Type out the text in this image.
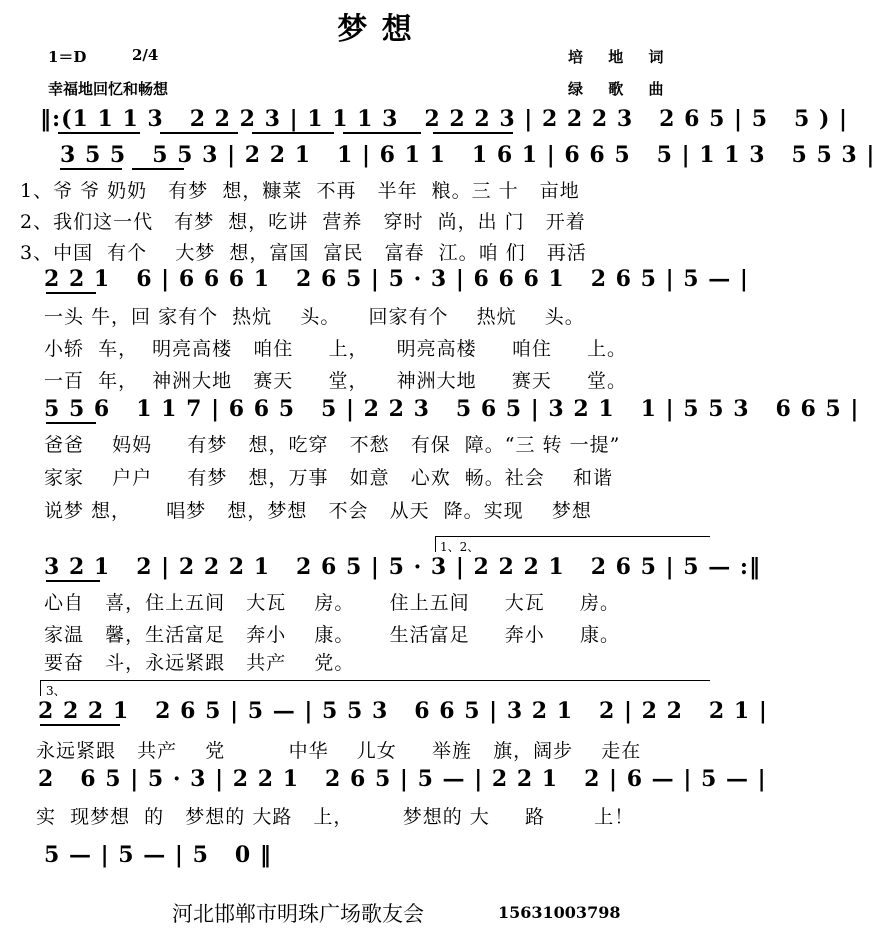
梦 想
1＝D	2/4
幸福地回忆和畅想
培 地 词
绿 歌 曲
‖:(1 1 1 3   2 2 2 3 | 1 1 1 3   2 2 2 3 | 2 2 2 3   2 6 5 | 5   5 ) |
3 5 5   5 5 3 | 2 2 1   1 | 6 1 1   1 6 1 | 6 6 5   5 | 1 1 3   5 5 3 |
1、爷 爷 奶奶   有梦  想，糠菜  不再   半年  粮。三 十   亩地
2、我们这一代   有梦  想，吃讲  营养   穿时  尚，出 门   开着
3、中国  有个    大梦  想，富国  富民   富春  江。咱 们   再活
2 2 1   6 | 6 6 6 1   2 6 5 | 5 · 3 | 6 6 6 1   2 6 5 | 5 — |
一头 牛，回 家有个  热炕    头。    回家有个    热炕    头。
小轿  车，  明亮高楼   咱住     上，    明亮高楼     咱住     上。
一百  年，  神洲大地   赛天     堂，    神洲大地     赛天     堂。
5 5 6   1 1 7 | 6 6 5   5 | 2 2 3   5 6 5 | 3 2 1   1 | 5 5 3   6 6 5 |
爸爸    妈妈     有梦   想，吃穿   不愁   有保  障。“三 转 一提”
家家    户户     有梦   想，万事   如意   心欢  畅。社会    和谐
说梦 想，     唱梦   想，梦想   不会   从天  降。实现    梦想
1、2、
3 2 1   2 | 2 2 2 1   2 6 5 | 5 · 3 | 2 2 2 1   2 6 5 | 5 — :‖
心自   喜，住上五间   大瓦    房。     住上五间     大瓦     房。
家温   馨，生活富足   奔小    康。     生活富足     奔小     康。
要奋   斗，永远紧跟   共产    党。
3、
2 2 2 1   2 6 5 | 5 — | 5 5 3   6 6 5 | 3 2 1   2 | 2 2   2 1 |
永远紧跟   共产    党         中华    儿女     举旌   旗，阔步    走在
2   6 5 | 5 · 3 | 2 2 1   2 6 5 | 5 — | 2 2 1   2 | 6 — | 5 — |
实  现梦想  的   梦想的 大路   上，       梦想的 大     路       上！
5 — | 5 — | 5   0 ‖
河北邯郸市明珠广场歌友会	15631003798
